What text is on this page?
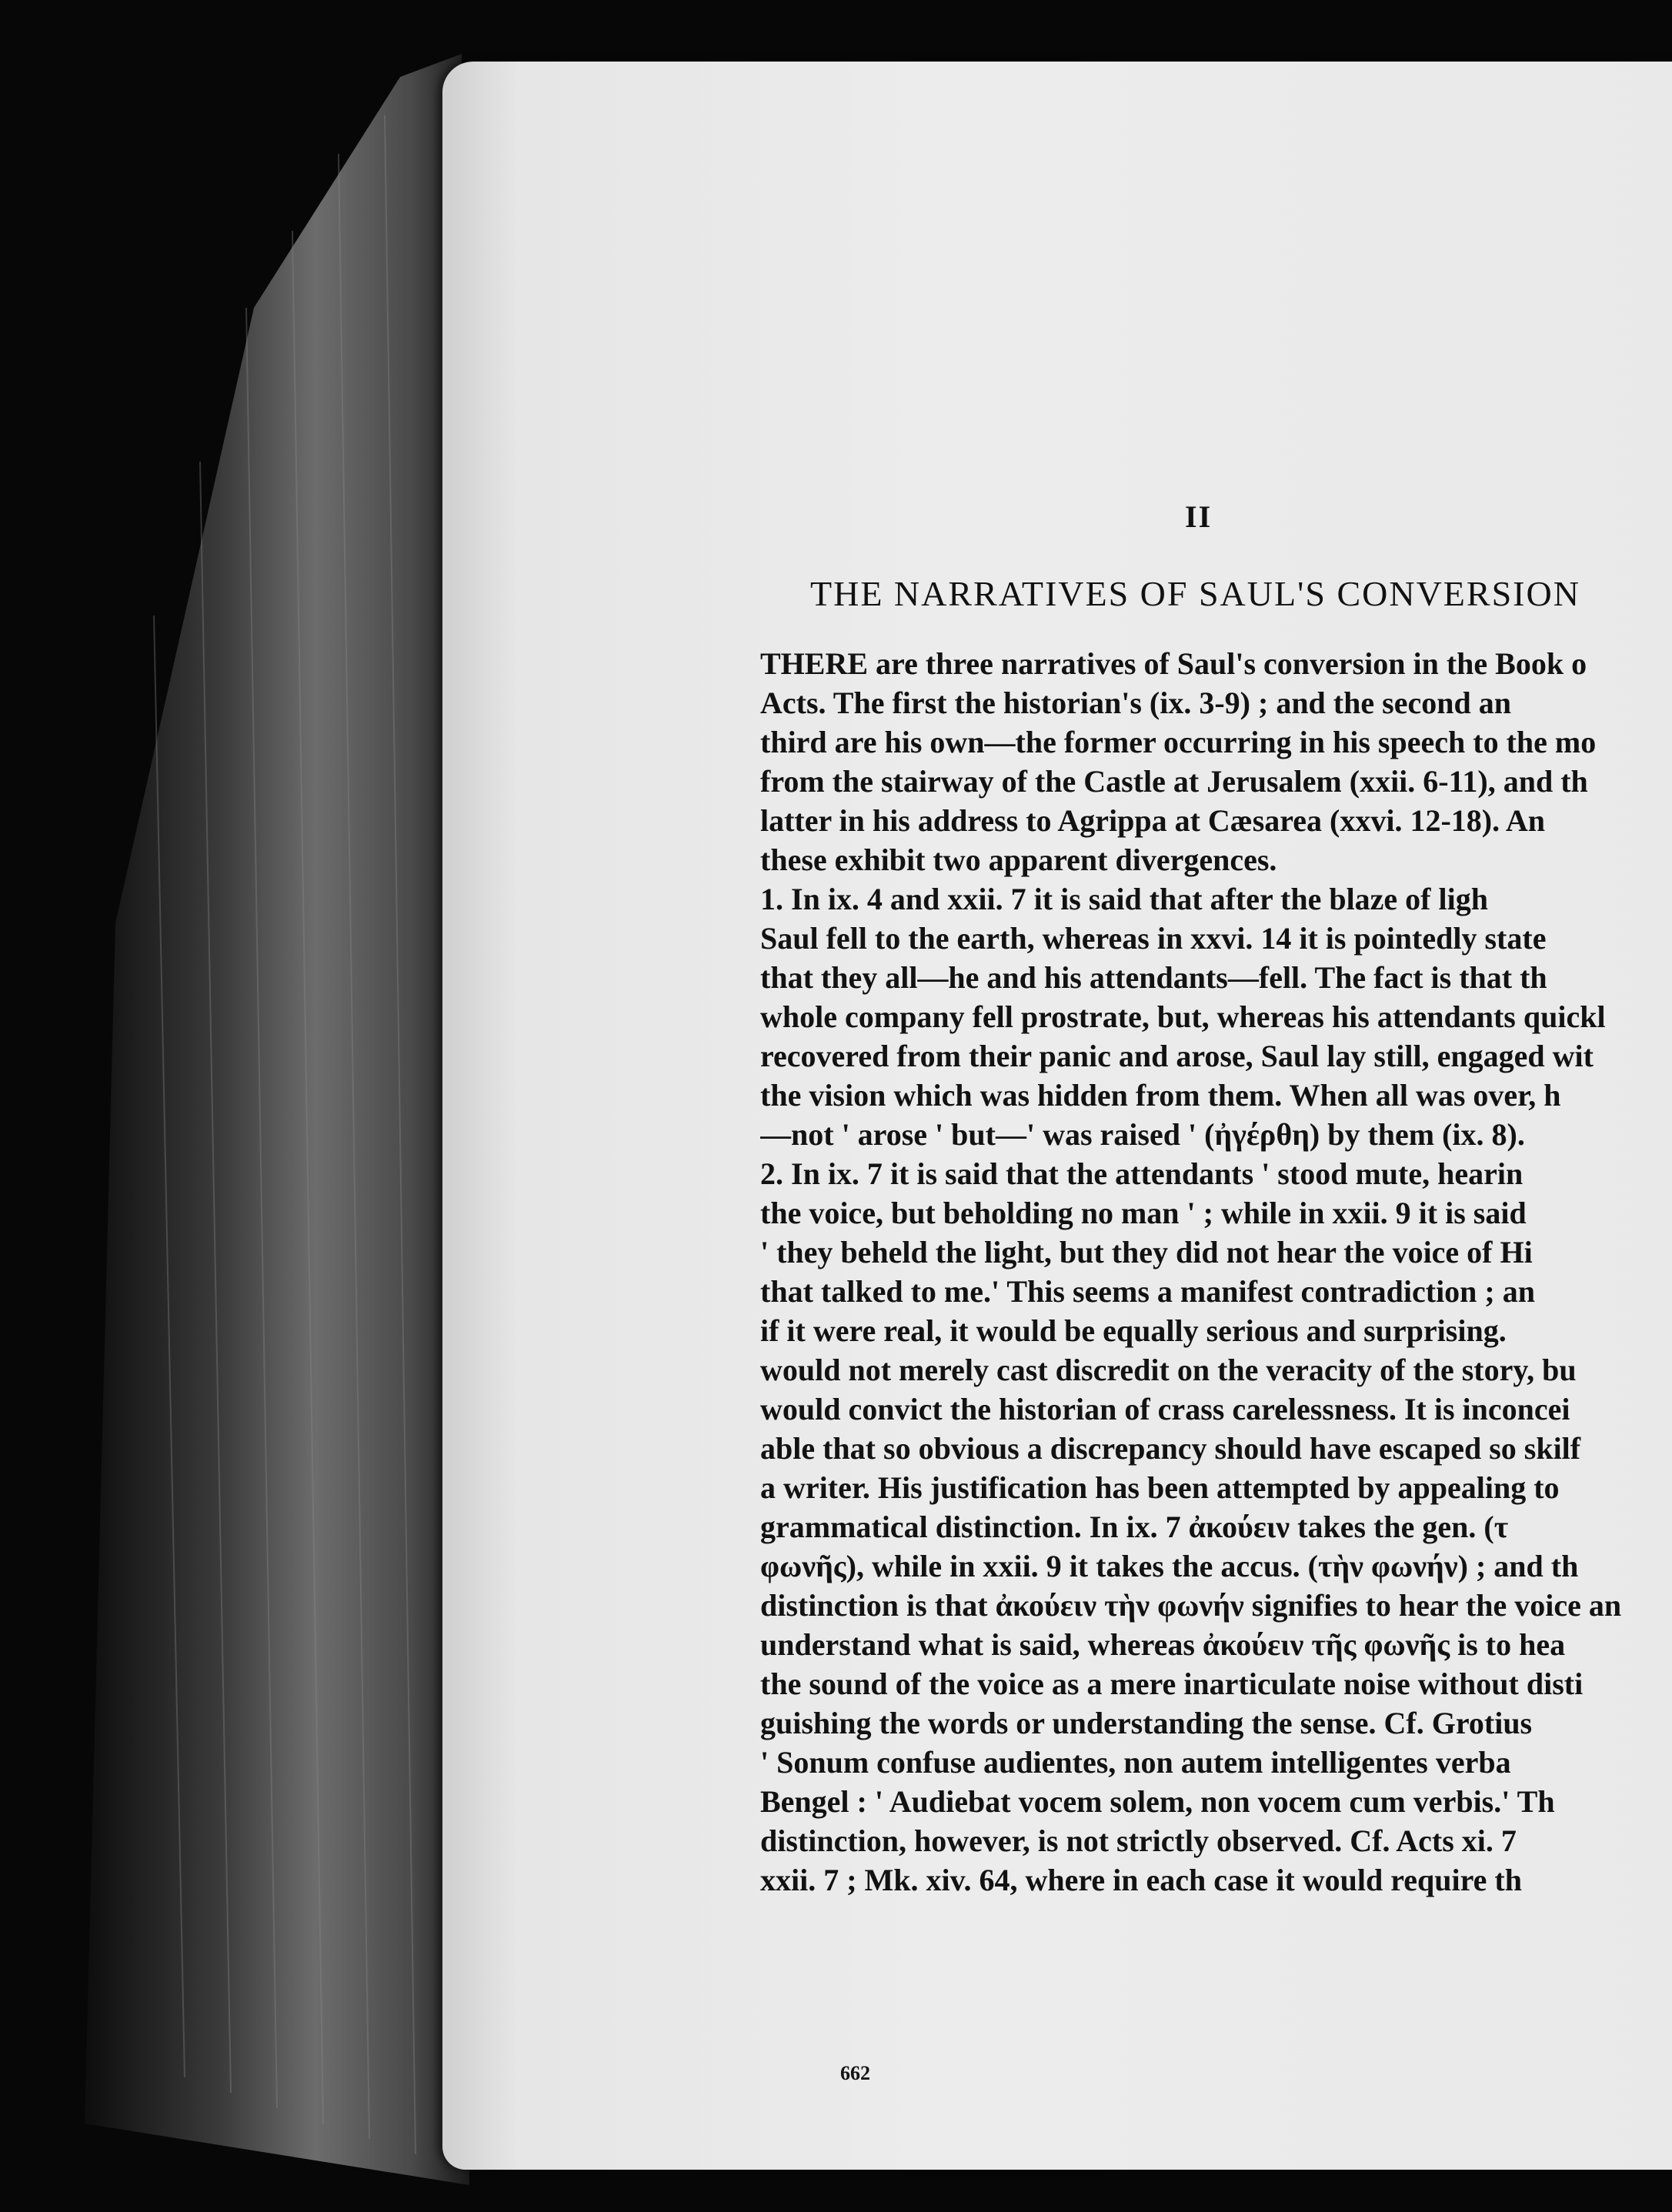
II
THE NARRATIVES OF SAUL'S CONVERSION
THERE are three narratives of Saul's conversion in the Book o
Acts. The first the historian's (ix. 3-9) ; and the second an
third are his own—the former occurring in his speech to the mo
from the stairway of the Castle at Jerusalem (xxii. 6-11), and th
latter in his address to Agrippa at Cæsarea (xxvi. 12-18). An
these exhibit two apparent divergences.
1. In ix. 4 and xxii. 7 it is said that after the blaze of ligh
Saul fell to the earth, whereas in xxvi. 14 it is pointedly state
that they all—he and his attendants—fell. The fact is that th
whole company fell prostrate, but, whereas his attendants quickl
recovered from their panic and arose, Saul lay still, engaged wit
the vision which was hidden from them. When all was over, h
—not ' arose ' but—' was raised ' (ἠγέρθη) by them (ix. 8).
2. In ix. 7 it is said that the attendants ' stood mute, hearin
the voice, but beholding no man ' ; while in xxii. 9 it is said
' they beheld the light, but they did not hear the voice of Hi
that talked to me.' This seems a manifest contradiction ; an
if it were real, it would be equally serious and surprising.
would not merely cast discredit on the veracity of the story, bu
would convict the historian of crass carelessness. It is inconcei
able that so obvious a discrepancy should have escaped so skilf
a writer. His justification has been attempted by appealing to
grammatical distinction. In ix. 7 ἀκούειν takes the gen. (τ
φωνῆς), while in xxii. 9 it takes the accus. (τὴν φωνήν) ; and th
distinction is that ἀκούειν τὴν φωνήν signifies to hear the voice an
understand what is said, whereas ἀκούειν τῆς φωνῆς is to hea
the sound of the voice as a mere inarticulate noise without disti
guishing the words or understanding the sense. Cf. Grotius
' Sonum confuse audientes, non autem intelligentes verba
Bengel : ' Audiebat vocem solem, non vocem cum verbis.' Th
distinction, however, is not strictly observed. Cf. Acts xi. 7
xxii. 7 ; Mk. xiv. 64, where in each case it would require th
662
